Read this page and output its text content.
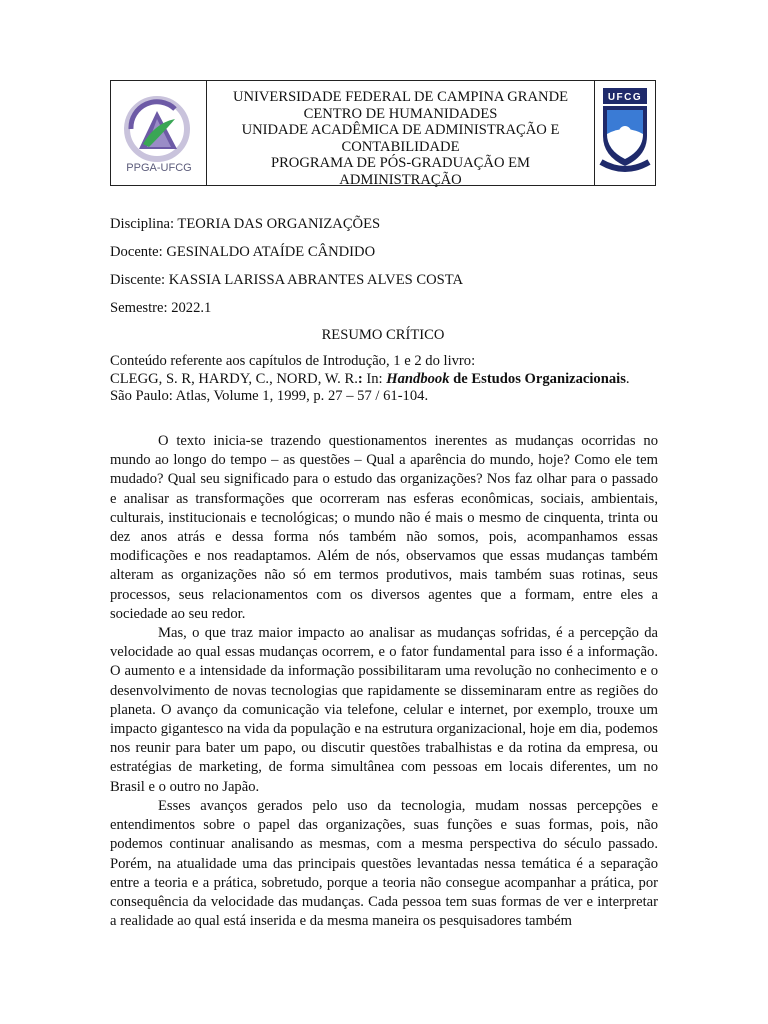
PPGA-UFCG
UNIVERSIDADE FEDERAL DE CAMPINA GRANDE
CENTRO DE HUMANIDADES
UNIDADE ACADÊMICA DE ADMINISTRAÇÃO E
CONTABILIDADE
PROGRAMA DE PÓS-GRADUAÇÃO EM
ADMINISTRAÇÃO
UFCG
Disciplina: TEORIA DAS ORGANIZAÇÕES
Docente: GESINALDO ATAÍDE CÂNDIDO
Discente: KASSIA LARISSA ABRANTES ALVES COSTA
Semestre: 2022.1
RESUMO CRÍTICO
Conteúdo referente aos capítulos de Introdução, 1 e 2 do livro:
CLEGG, S. R, HARDY, C., NORD, W. R.: In: Handbook de Estudos Organizacionais.
São Paulo: Atlas, Volume 1, 1999, p. 27 – 57 / 61-104.

O texto inicia-se trazendo questionamentos inerentes as mudanças ocorridas no mundo ao longo do tempo – as questões – Qual a aparência do mundo, hoje? Como ele tem mudado? Qual seu significado para o estudo das organizações? Nos faz olhar para o passado e analisar as transformações que ocorreram nas esferas econômicas, sociais, ambientais, culturais, institucionais e tecnológicas; o mundo não é mais o mesmo de cinquenta, trinta ou dez anos atrás e dessa forma nós também não somos, pois, acompanhamos essas modificações e nos readaptamos. Além de nós, observamos que essas mudanças também alteram as organizações não só em termos produtivos, mais também suas rotinas, seus processos, seus relacionamentos com os diversos agentes que a formam, entre eles a sociedade ao seu redor.

Mas, o que traz maior impacto ao analisar as mudanças sofridas, é a percepção da velocidade ao qual essas mudanças ocorrem, e o fator fundamental para isso é a informação. O aumento e a intensidade da informação possibilitaram uma revolução no conhecimento e o desenvolvimento de novas tecnologias que rapidamente se disseminaram entre as regiões do planeta. O avanço da comunicação via telefone, celular e internet, por exemplo, trouxe um impacto gigantesco na vida da população e na estrutura organizacional, hoje em dia, podemos nos reunir para bater um papo, ou discutir questões trabalhistas e da rotina da empresa, ou estratégias de marketing, de forma simultânea com pessoas em locais diferentes, um no Brasil e o outro no Japão.

Esses avanços gerados pelo uso da tecnologia, mudam nossas percepções e entendimentos sobre o papel das organizações, suas funções e suas formas, pois, não podemos continuar analisando as mesmas, com a mesma perspectiva do século passado. Porém, na atualidade uma das principais questões levantadas nessa temática é a separação entre a teoria e a prática, sobretudo, porque a teoria não consegue acompanhar a prática, por consequência da velocidade das mudanças. Cada pessoa tem suas formas de ver e interpretar a realidade ao qual está inserida e da mesma maneira os pesquisadores também
